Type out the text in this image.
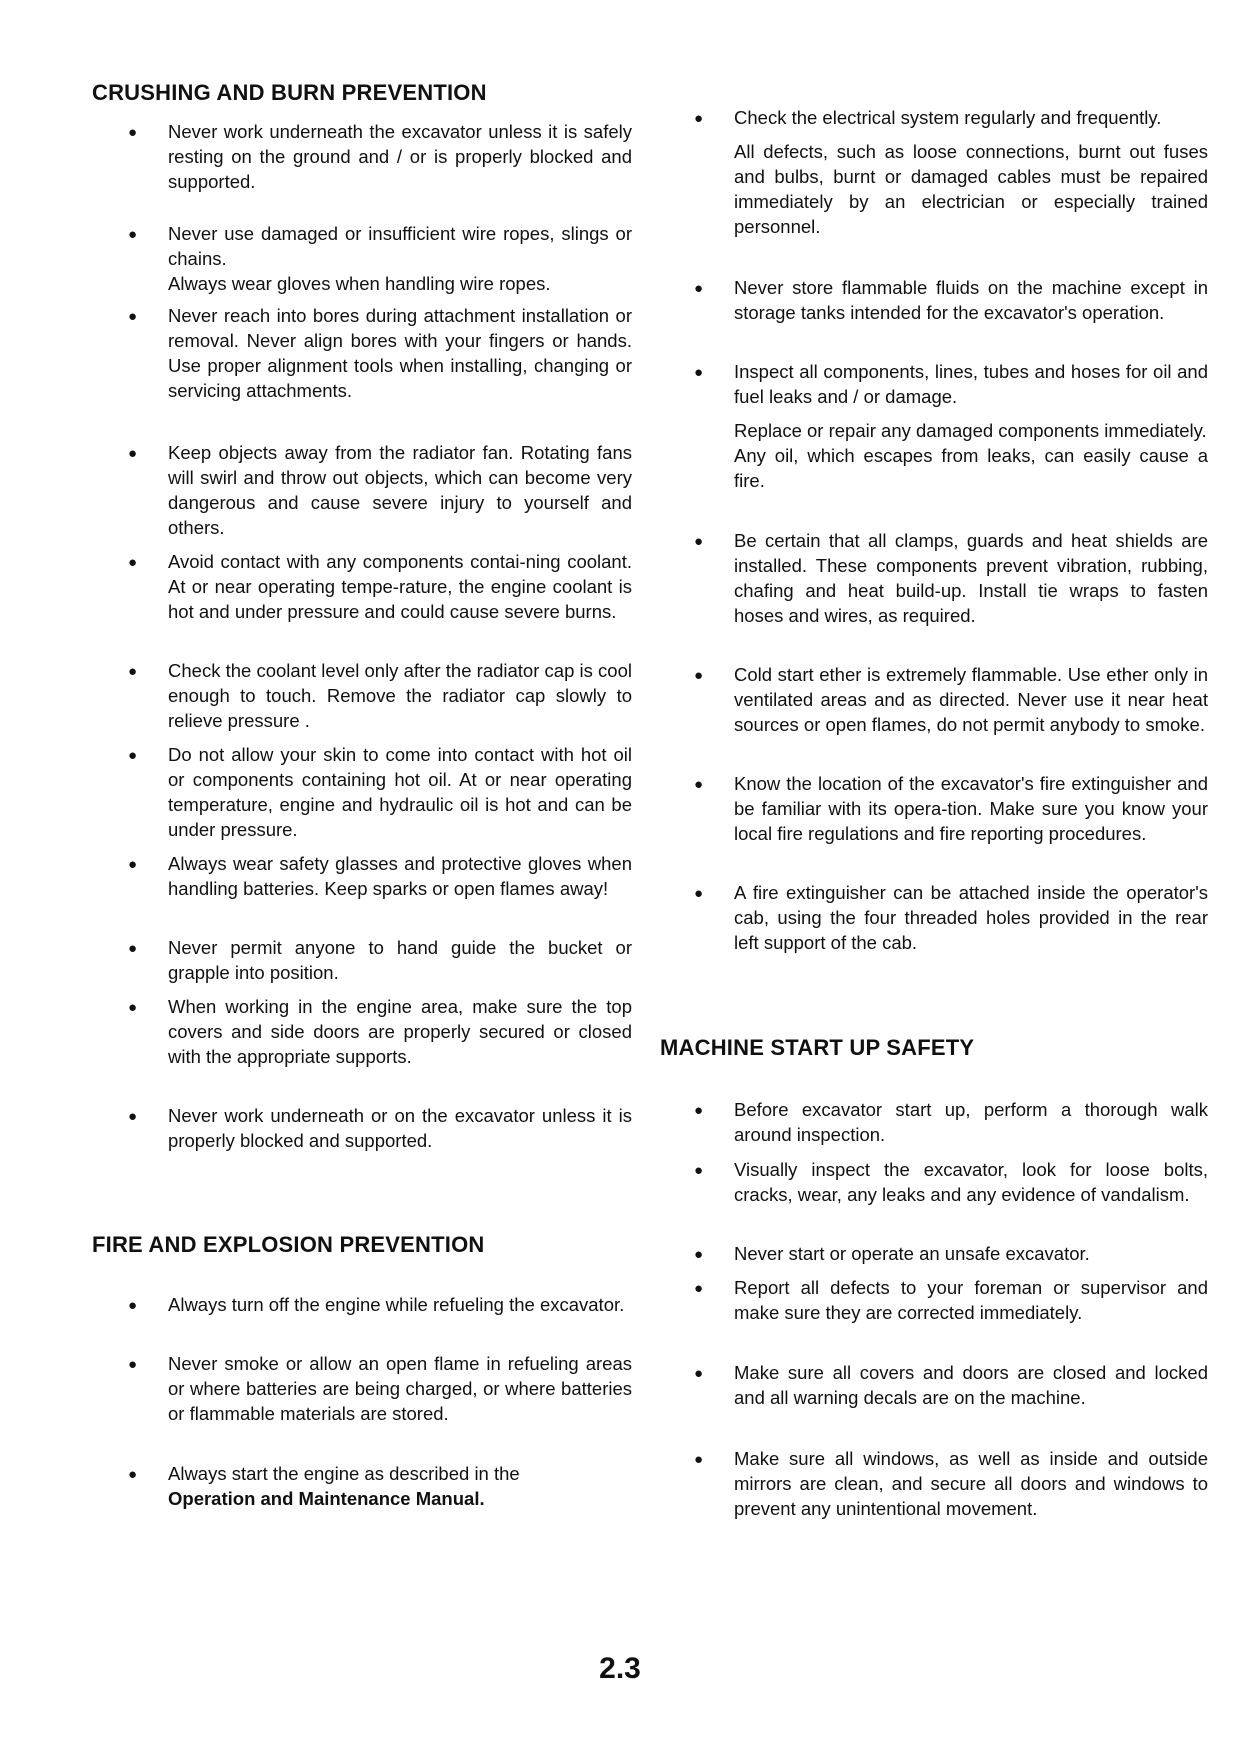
CRUSHING AND BURN PREVENTION
● Never work underneath the excavator unless it is safely resting on the ground and / or is properly blocked and supported.

● Never use damaged or insufficient wire ropes, slings or chains.

Always wear gloves when handling wire ropes.

● Never reach into bores during attachment installation or removal. Never align bores with your fingers or hands. Use proper alignment tools when installing, changing or servicing attachments.

● Keep objects away from the radiator fan. Rotating fans will swirl and throw out objects, which can become very dangerous and cause severe injury to yourself and others.

● Avoid contact with any components contai-ning coolant. At or near operating tempe-rature, the engine coolant is hot and under pressure and could cause severe burns.

● Check the coolant level only after the radiator cap is cool enough to touch. Remove the radiator cap slowly to relieve pressure .

● Do not allow your skin to come into contact with hot oil or components containing hot oil. At or near operating temperature, engine and hydraulic oil is hot and can be under pressure.

● Always wear safety glasses and protective gloves when handling batteries. Keep sparks or open flames away!

● Never permit anyone to hand guide the bucket or grapple into position.

● When working in the engine area, make sure the top covers and side doors are properly secured or closed with the appropriate supports.

● Never work underneath or on the excavator unless it is properly blocked and supported.

FIRE AND EXPLOSION PREVENTION
● Always turn off the engine while refueling the excavator.

● Never smoke or allow an open flame in refueling areas or where batteries are being charged, or where batteries or flammable materials are stored.

● Always start the engine as described in the

Operation and Maintenance Manual.

● Check the electrical system regularly and frequently.

All defects, such as loose connections, burnt out fuses and bulbs, burnt or damaged cables must be repaired immediately by an electrician or especially trained personnel.

● Never store flammable fluids on the machine except in storage tanks intended for the excavator's operation.

● Inspect all components, lines, tubes and hoses for oil and fuel leaks and / or damage.

Replace or repair any damaged components immediately.

Any oil, which escapes from leaks, can easily cause a fire.

● Be certain that all clamps, guards and heat shields are installed. These components prevent vibration, rubbing, chafing and heat build-up. Install tie wraps to fasten hoses and wires, as required.

● Cold start ether is extremely flammable. Use ether only in ventilated areas and as directed. Never use it near heat sources or open flames, do not permit anybody to smoke.

● Know the location of the excavator's fire extinguisher and be familiar with its opera-tion. Make sure you know your local fire regulations and fire reporting procedures.

● A fire extinguisher can be attached inside the operator's cab, using the four threaded holes provided in the rear left support of the cab.

MACHINE START UP SAFETY
● Before excavator start up, perform a thorough walk around inspection.

● Visually inspect the excavator, look for loose bolts, cracks, wear, any leaks and any evidence of vandalism.

● Never start or operate an unsafe excavator.

● Report all defects to your foreman or supervisor and make sure they are corrected immediately.

● Make sure all covers and doors are closed and locked and all warning decals are on the machine.

● Make sure all windows, as well as inside and outside mirrors are clean, and secure all doors and windows to prevent any unintentional movement.

2.3
